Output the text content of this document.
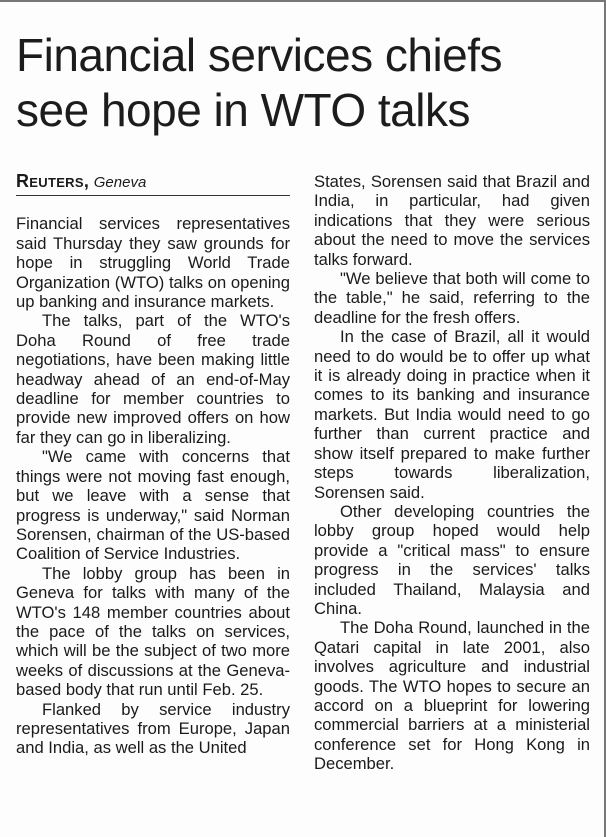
Financial services chiefs
see hope in WTO talks
Reuters, Geneva

Financial services representatives said Thursday they saw grounds for hope in struggling World Trade Organization (WTO) talks on opening up banking and insurance markets.

The talks, part of the WTO's Doha Round of free trade negotiations, have been making little headway ahead of an end-of-May deadline for member countries to provide new improved offers on how far they can go in liberalizing.

"We came with concerns that things were not moving fast enough, but we leave with a sense that progress is underway," said Norman Sorensen, chairman of the US-based Coalition of Service Industries.

The lobby group has been in Geneva for talks with many of the WTO's 148 member countries about the pace of the talks on services, which will be the subject of two more weeks of discussions at the Geneva-based body that run until Feb. 25.

Flanked by service industry representatives from Europe, Japan and India, as well as the United

States, Sorensen said that Brazil and India, in particular, had given indications that they were serious about the need to move the services talks forward.

"We believe that both will come to the table," he said, referring to the deadline for the fresh offers.

In the case of Brazil, all it would need to do would be to offer up what it is already doing in practice when it comes to its banking and insurance markets. But India would need to go further than current practice and show itself prepared to make further steps towards liberalization, Sorensen said.

Other developing countries the lobby group hoped would help provide a "critical mass" to ensure progress in the services' talks included Thailand, Malaysia and China.

The Doha Round, launched in the Qatari capital in late 2001, also involves agriculture and industrial goods. The WTO hopes to secure an accord on a blueprint for lowering commercial barriers at a ministerial conference set for Hong Kong in December.
